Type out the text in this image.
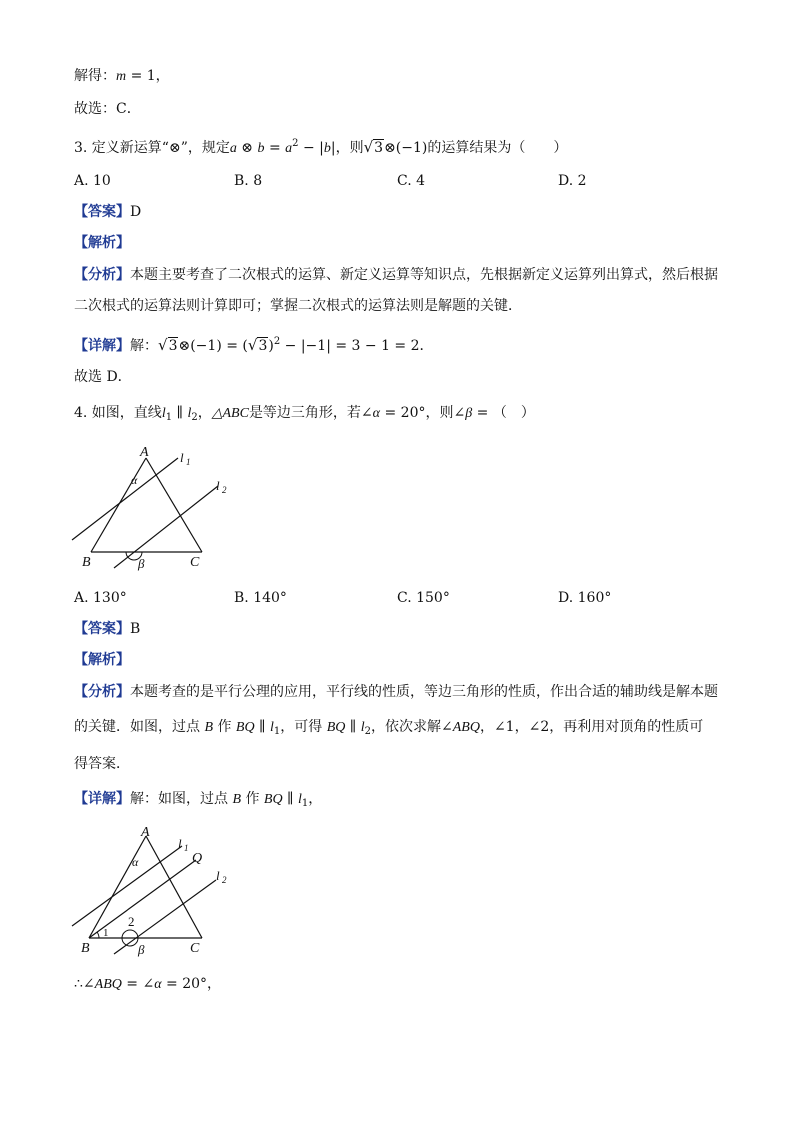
解得：m = 1，
故选：C．
3. 定义新运算“⊗”，规定a ⊗ $b = a^2 - |b|$，则√3⊗(−1)的运算结果为（　　）
A. 10	B. 8	C. 4	D. 2
【答案】D
【解析】
【分析】本题主要考查了二次根式的运算、新定义运算等知识点，先根据新定义运算列出算式，然后根据
二次根式的运算法则计算即可；掌握二次根式的运算法则是解题的关键．
【详解】解：√3⊗(−1) = $(√3)^2 - |-1| = 3 - 1 = 2$．
故选 D．
4. 如图，直线$l_1$ ∥ $l_2$，△ABC是等边三角形，若∠α = 20°，则∠β = （　）
A
B	C
l 1
l 2
α
β
A. 130°	B. 140°	C. 150°	D. 160°
【答案】B
【解析】
【分析】本题考查的是平行公理的应用，平行线的性质，等边三角形的性质，作出合适的辅助线是解本题
的关键．如图，过点 B 作 BQ ∥ $l_1$，可得 BQ ∥ $l_2$，依次求解∠ABQ，∠1，∠2，再利用对顶角的性质可
得答案．
【详解】解：如图，过点 B 作 BQ ∥ $l_1$，
A
B	C
l 1
Q
l 2
α
β
1
2
∴∠ABQ = ∠α = 20°，
